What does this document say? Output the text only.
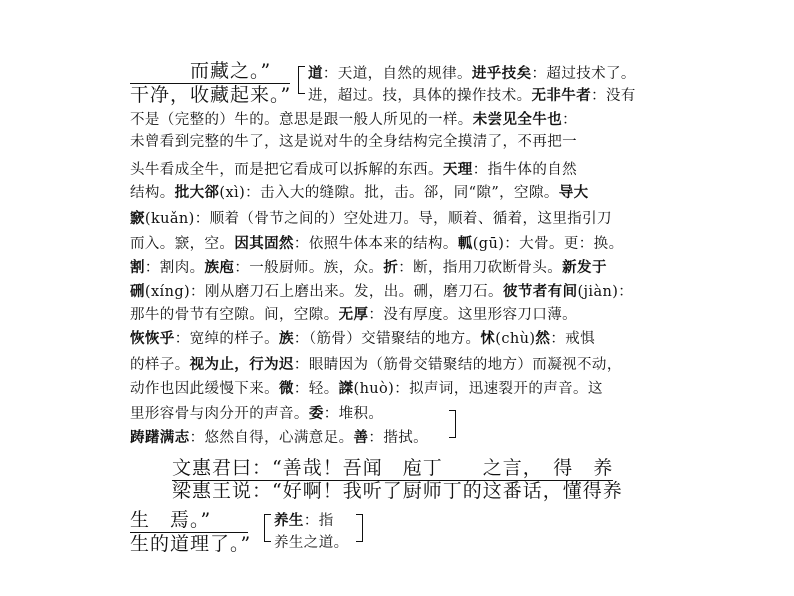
而藏之。”
干净，收藏起来。”
道：天道，自然的规律。进乎技矣：超过技术了。
进，超过。技，具体的操作技术。无非牛者：没有
不是（完整的）牛的。意思是跟一般人所见的一样。未尝见全牛也：
未曾看到完整的牛了，这是说对牛的全身结构完全摸清了，不再把一
头牛看成全牛，而是把它看成可以拆解的东西。天理：指牛体的自然
结构。批大郤(xì)：击入大的缝隙。批，击。郤，同“隙”，空隙。导大
窾(kuǎn)：顺着（骨节之间的）空处进刀。导，顺着、循着，这里指引刀
而入。窾，空。因其固然：依照牛体本来的结构。軱(gū)：大骨。更：换。
割：割肉。族庖：一般厨师。族，众。折：断，指用刀砍断骨头。新发于
硎(xíng)：刚从磨刀石上磨出来。发，出。硎，磨刀石。彼节者有间(jiàn)：
那牛的骨节有空隙。间，空隙。无厚：没有厚度。这里形容刀口薄。
恢恢乎：宽绰的样子。族：（筋骨）交错聚结的地方。怵(chù)然：戒惧
的样子。视为止，行为迟：眼睛因为（筋骨交错聚结的地方）而凝视不动，
动作也因此缓慢下来。微：轻。謋(huò)：拟声词，迅速裂开的声音。这
里形容骨与肉分开的声音。委：堆积。
踌躇满志：悠然自得，心满意足。善：揩拭。
文惠君曰：“善哉！吾闻　庖丁　　之言，　得　养
梁惠王说：“好啊！我听了厨师丁的这番话，懂得养
生　焉。”
生的道理了。”
养生：指
养生之道。
